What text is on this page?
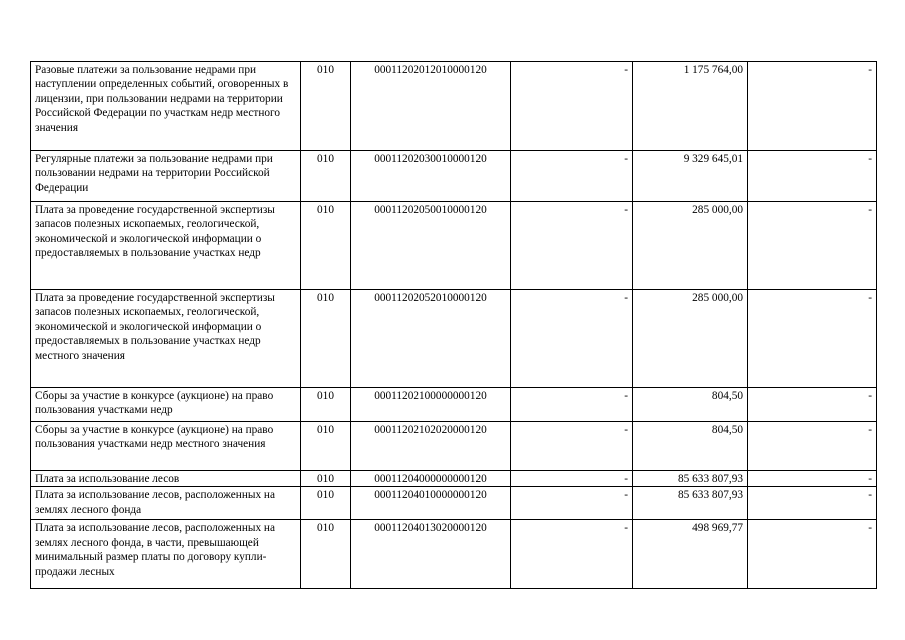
Разовые платежи за пользование недрами при наступлении определенных событий, оговоренных в лицензии, при пользовании недрами на территории Российской Федерации по участкам недр местного значения	010	00011202012010000120	-	1 175 764,00	-
Регулярные платежи за пользование недрами при пользовании недрами на территории Российской Федерации	010	00011202030010000120	-	9 329 645,01	-
Плата за проведение государственной экспертизы запасов полезных ископаемых, геологической, экономической и экологической информации о предоставляемых в пользование участках недр	010	00011202050010000120	-	285 000,00	-
Плата за проведение государственной экспертизы запасов полезных ископаемых, геологической, экономической и экологической информации о предоставляемых в пользование участках недр местного значения	010	00011202052010000120	-	285 000,00	-
Сборы за участие в конкурсе (аукционе) на право пользования участками недр	010	00011202100000000120	-	804,50	-
Сборы за участие в конкурсе (аукционе) на право пользования участками недр местного значения	010	00011202102020000120	-	804,50	-
Плата за использование лесов	010	00011204000000000120	-	85 633 807,93	-
Плата за использование лесов, расположенных на землях лесного фонда	010	00011204010000000120	-	85 633 807,93	-
Плата за использование лесов, расположенных на землях лесного фонда, в части, превышающей минимальный размер платы по договору купли-продажи лесных	010	00011204013020000120	-	498 969,77	-
